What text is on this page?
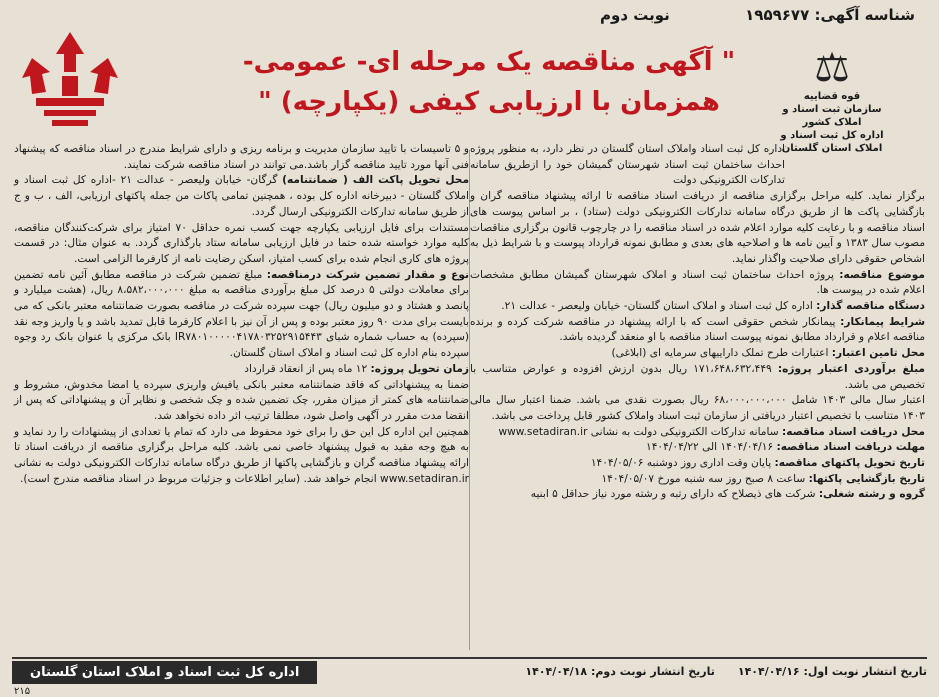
شناسه آگهی: ۱۹۵۹۶۷۷
نوبت دوم
" آگهی مناقصه یک مرحله ای- عمومی-
همزمان با ارزیابی کیفی (یکپارچه) "
⚖
قوه قضاییه
سازمان ثبت اسناد و املاک کشور
اداره کل ثبت اسناد و املاک استان گلستان

اداره کل ثبت اسناد واملاک استان گلستان در نظر دارد، به منظور پروژه احداث ساختمان ثبت اسناد شهرستان گمیشان خود را ازطریق سامانه تدارکات الکترونیکی دولت

برگزار نماید. کلیه مراحل برگزاری مناقصه از دریافت اسناد مناقصه تا ارائه پیشنهاد مناقصه گران و بازگشایی پاکت ها از طریق درگاه سامانه تدارکات الکترونیکی دولت (ستاد) ، بر اساس پیوست های اسناد مناقصه و با رعایت کلیه موارد اعلام شده در اسناد مناقصه را در چارچوب قانون برگزاری مناقصات مصوب سال ۱۳۸۳ و آیین نامه ها و اصلاحیه های بعدی و مطابق نمونه قرارداد پیوست و با شرایط ذیل به اشخاص حقوقی دارای صلاحیت واگذار نماید.

موضوع مناقصه: پروژه احداث ساختمان ثبت اسناد و املاک شهرستان گمیشان مطابق مشخصات اعلام شده در پیوست ها.

دستگاه مناقصه گذار: اداره کل ثبت اسناد و املاک استان گلستان- خیابان ولیعصر - عدالت ۲۱.

شرایط پیمانکار: پیمانکار شخص حقوقی است که با ارائه پیشنهاد در مناقصه شرکت کرده و برنده مناقصه اعلام و قرارداد مطابق نمونه پیوست اسناد مناقصه با او منعقد گردیده باشد.

محل تامین اعتبار: اعتبارات طرح تملک داراییهای سرمایه ای (ابلاغی)

مبلغ برآوردی اعتبار پروژه: ۱۷۱،۶۴۸،۶۳۲،۴۴۹ ریال بدون ارزش افزوده و عوارض متناسب با تخصیص می باشد.

اعتبار سال مالی ۱۴۰۳ شامل ۶۸،۰۰۰،۰۰۰،۰۰۰ ریال بصورت نقدی می باشد. ضمنا اعتبار سال مالی ۱۴۰۳ متناسب با تخصیص اعتبار دریافتی از سازمان ثبت اسناد واملاک کشور قابل پرداخت می باشد.

محل دریافت اسناد مناقصه: سامانه تدارکات الکترونیکی دولت به نشانی www.setadiran.ir

مهلت دریافت اسناد مناقصه: ۱۴۰۴/۰۴/۱۶ الی ۱۴۰۴/۰۴/۲۲

تاریخ تحویل پاکتهای مناقصه: پایان وقت اداری روز دوشنبه ۱۴۰۴/۰۵/۰۶

تاریخ بازگشایی پاکتها: ساعت ۸ صبح روز سه شنبه مورخ ۱۴۰۴/۰۵/۰۷

گروه و رشته شغلی: شرکت های ذیصلاح که دارای رتبه و رشته مورد نیاز حداقل ۵ ابنیه

و ۵ تاسیسات با تایید سازمان مدیریت و برنامه ریزی و دارای شرایط مندرج در اسناد مناقصه که پیشنهاد فنی آنها مورد تایید مناقصه گزار باشد.می توانند در اسناد مناقصه شرکت نمایند.

محل تحویل پاکت الف ( ضمانتنامه) گرگان- خیابان ولیعصر - عدالت ۲۱ -اداره کل ثبت اسناد و املاک گلستان - دبیرخانه اداره کل بوده ، همچنین تمامی پاکات من جمله پاکتهای ارزیابی، الف ، ب و ج از طریق سامانه تدارکات الکترونیکی ارسال گردد.

مستندات برای فایل ارزیابی یکپارچه جهت کسب نمره حداقل ۷۰ امتیاز برای شرکت‌کنندگان مناقصه، کلیه موارد خواسته شده حتما در فایل ارزیابی سامانه ستاد بارگذاری گردد. به عنوان مثال: در قسمت پروژه های کاری انجام شده برای کسب امتیاز، اسکن رضایت نامه از کارفرما الزامی است.

نوع و مقدار تضمین شرکت درمناقصه: مبلغ تضمین شرکت در مناقصه مطابق آئین نامه تضمین برای معاملات دولتی ۵ درصد کل مبلغ برآوردی مناقصه به مبلغ ۸،۵۸۲،۰۰۰،۰۰۰ ریال، (هشت میلیارد و پانصد و هشتاد و دو میلیون ریال) جهت سپرده شرکت در مناقصه بصورت ضمانتنامه معتبر بانکی که می بایست برای مدت ۹۰ روز معتبر بوده و پس از آن نیز با اعلام کارفرما قابل تمدید باشد و یا واریز وجه نقد (سپرده) به حساب شماره شبای IR۷۸۰۱۰۰۰۰۰۴۱۷۸۰۳۲۵۲۹۱۵۴۴۳ بانک مرکزی یا عنوان بانک رد وجوه سپرده بنام اداره کل ثبت اسناد و املاک استان گلستان.

زمان تحویل پروژه: ۱۲ ماه پس از انعقاد قرارداد

ضمنا به پیشنهاداتی که فاقد ضمانتنامه معتبر بانکی یافیش واریزی سپرده یا امضا مخدوش، مشروط و ضمانتنامه های کمتر از میزان مقرر، چک تضمین شده و چک شخصی و نظایر آن و پیشنهاداتی که پس از انقضا مدت مقرر در آگهی واصل شود، مطلقا ترتیب اثر داده نخواهد شد.

همچنین این اداره کل این حق را برای خود محفوظ می دارد که تمام یا تعدادی از پیشنهادات را رد نماید و به هیچ وجه مقید به قبول پیشنهاد خاصی نمی باشد. کلیه مراحل برگزاری مناقصه از دریافت اسناد تا ارائه پیشنهاد مناقصه گران و بازگشایی پاکتها از طریق درگاه سامانه تدارکات الکترونیکی دولت به نشانی www.setadiran.ir انجام خواهد شد. (سایر اطلاعات و جزئیات مربوط در اسناد مناقصه مندرج است).

تاریخ انتشار نوبت اول: ۱۴۰۴/۰۴/۱۶      تاریخ انتشار نوبت دوم: ۱۴۰۴/۰۴/۱۸
اداره کل ثبت اسناد و املاک استان گلستان
۲۱۵
